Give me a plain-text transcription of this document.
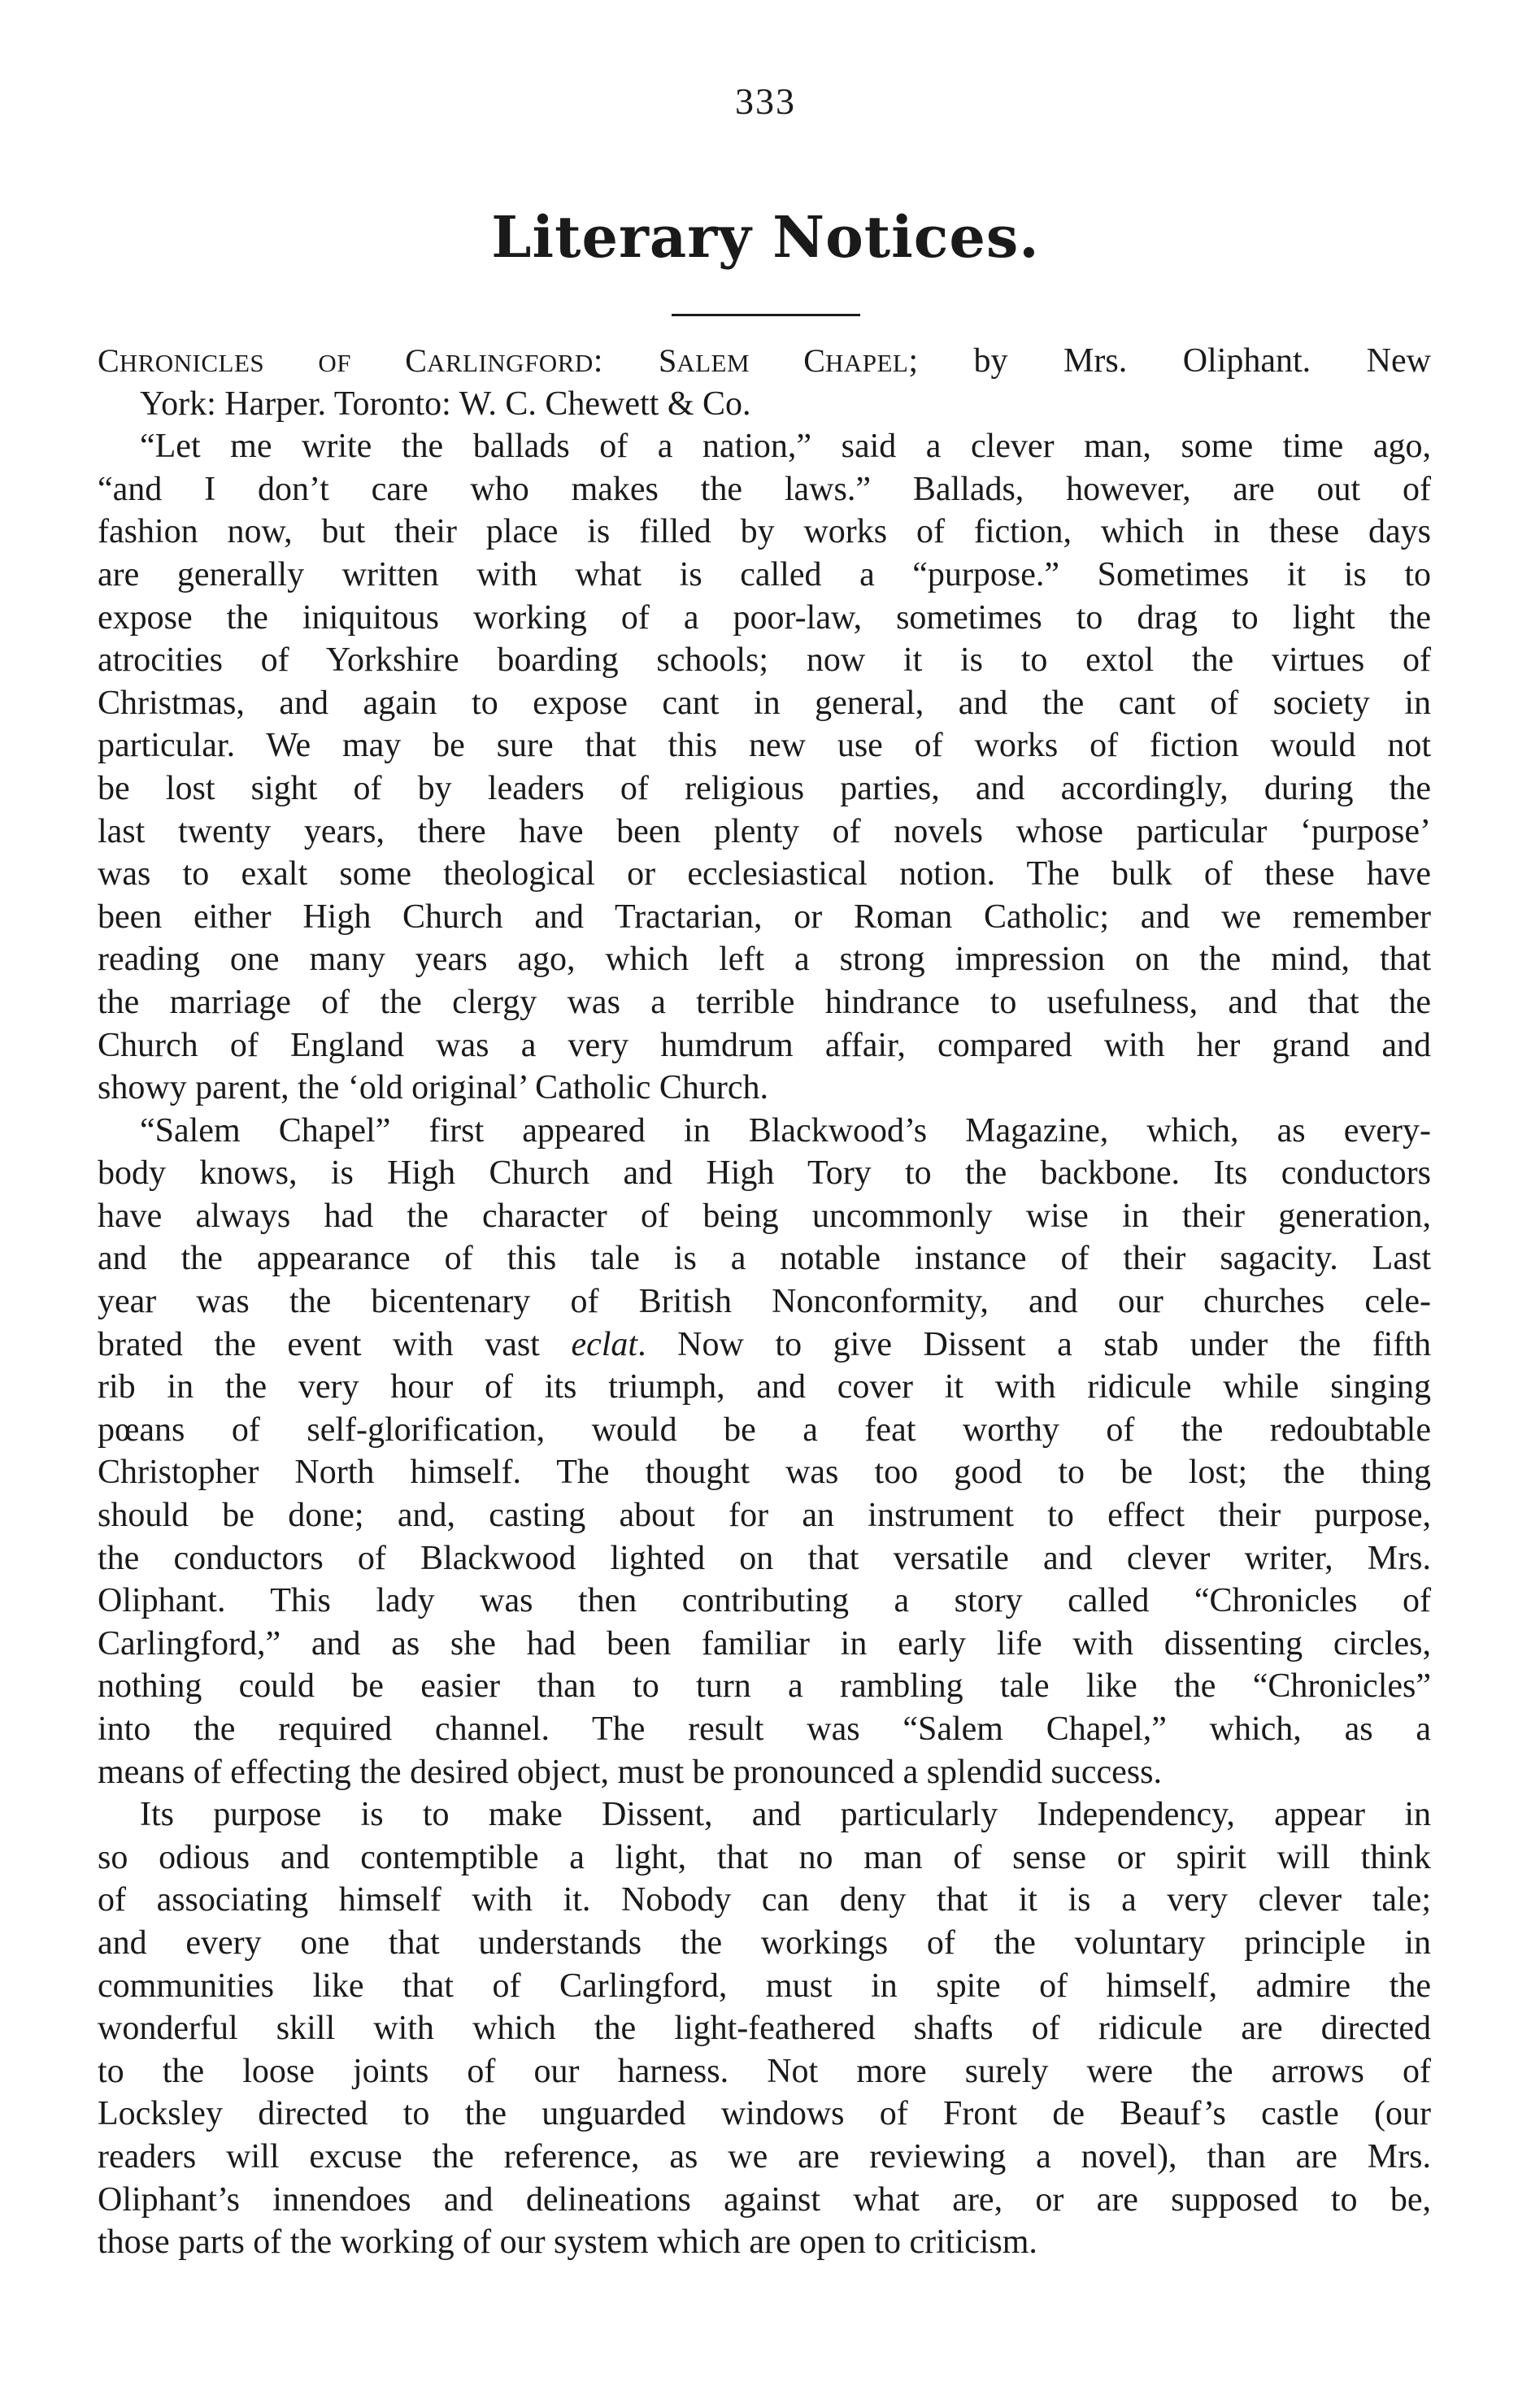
333
Literary Notices.
CHRONICLES OF CARLINGFORD: SALEM CHAPEL; by Mrs. Oliphant. New
York: Harper. Toronto: W. C. Chewett & Co.
“Let me write the ballads of a nation,” said a clever man, some time ago,
“and I don’t care who makes the laws.” Ballads, however, are out of
fashion now, but their place is filled by works of fiction, which in these days
are generally written with what is called a “purpose.” Sometimes it is to
expose the iniquitous working of a poor-law, sometimes to drag to light the
atrocities of Yorkshire boarding schools; now it is to extol the virtues of
Christmas, and again to expose cant in general, and the cant of society in
particular. We may be sure that this new use of works of fiction would not
be lost sight of by leaders of religious parties, and accordingly, during the
last twenty years, there have been plenty of novels whose particular ‘purpose’
was to exalt some theological or ecclesiastical notion. The bulk of these have
been either High Church and Tractarian, or Roman Catholic; and we remember
reading one many years ago, which left a strong impression on the mind, that
the marriage of the clergy was a terrible hindrance to usefulness, and that the
Church of England was a very humdrum affair, compared with her grand and
showy parent, the ‘old original’ Catholic Church.
“Salem Chapel” first appeared in Blackwood’s Magazine, which, as every-
body knows, is High Church and High Tory to the backbone. Its conductors
have always had the character of being uncommonly wise in their generation,
and the appearance of this tale is a notable instance of their sagacity. Last
year was the bicentenary of British Nonconformity, and our churches cele-
brated the event with vast eclat. Now to give Dissent a stab under the fifth
rib in the very hour of its triumph, and cover it with ridicule while singing
pœans of self-glorification, would be a feat worthy of the redoubtable
Christopher North himself. The thought was too good to be lost; the thing
should be done; and, casting about for an instrument to effect their purpose,
the conductors of Blackwood lighted on that versatile and clever writer, Mrs.
Oliphant. This lady was then contributing a story called “Chronicles of
Carlingford,” and as she had been familiar in early life with dissenting circles,
nothing could be easier than to turn a rambling tale like the “Chronicles”
into the required channel. The result was “Salem Chapel,” which, as a
means of effecting the desired object, must be pronounced a splendid success.
Its purpose is to make Dissent, and particularly Independency, appear in
so odious and contemptible a light, that no man of sense or spirit will think
of associating himself with it. Nobody can deny that it is a very clever tale;
and every one that understands the workings of the voluntary principle in
communities like that of Carlingford, must in spite of himself, admire the
wonderful skill with which the light-feathered shafts of ridicule are directed
to the loose joints of our harness. Not more surely were the arrows of
Locksley directed to the unguarded windows of Front de Beauf’s castle (our
readers will excuse the reference, as we are reviewing a novel), than are Mrs.
Oliphant’s innendoes and delineations against what are, or are supposed to be,
those parts of the working of our system which are open to criticism.
